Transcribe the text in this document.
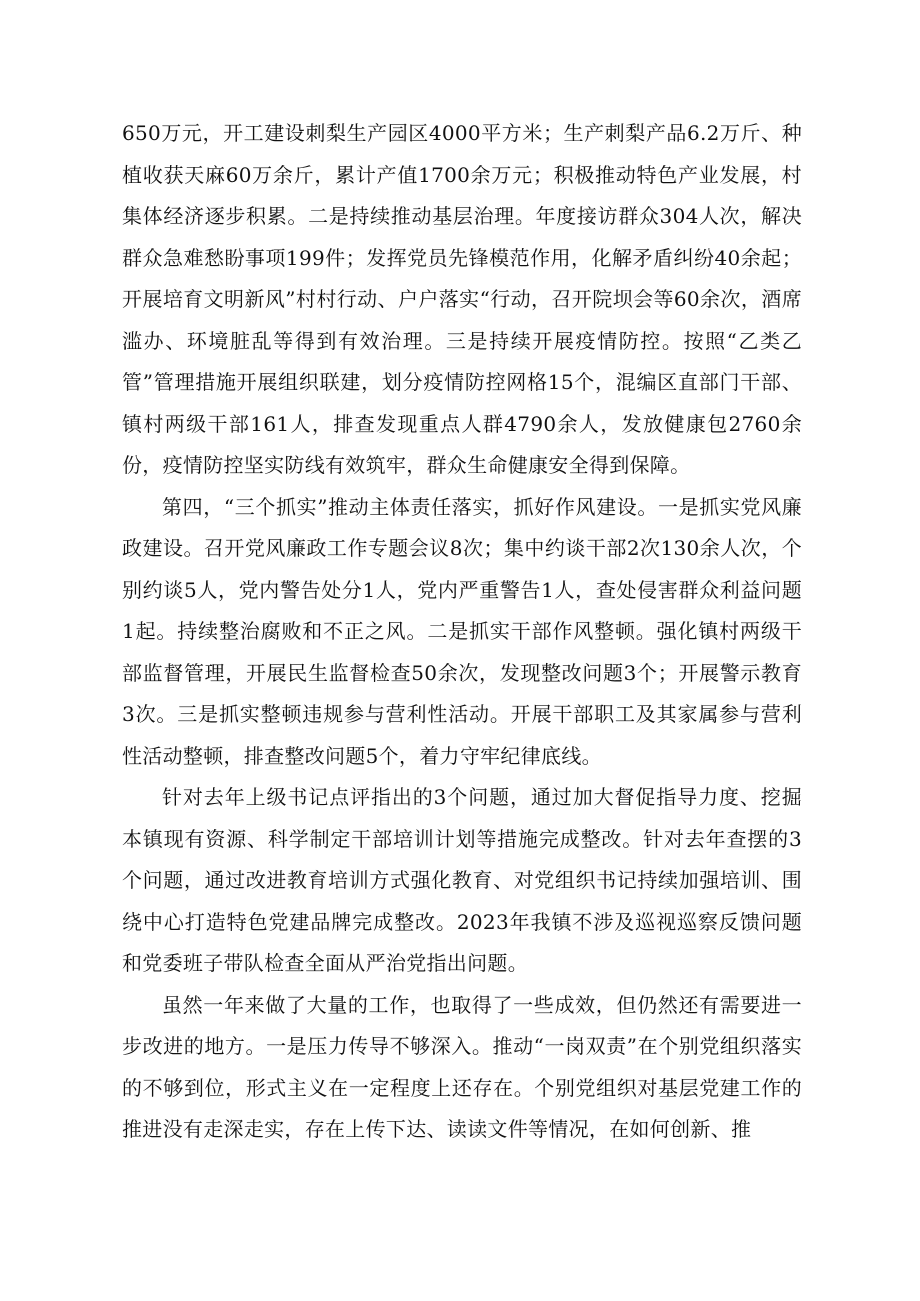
650万元，开工建设刺梨生产园区4000平方米；生产刺梨产品6.2万斤、种植收获天麻60万余斤，累计产值1700余万元；积极推动特色产业发展，村集体经济逐步积累。二是持续推动基层治理。年度接访群众304人次，解决群众急难愁盼事项199件；发挥党员先锋模范作用，化解矛盾纠纷40余起；开展培育文明新风”村村行动、户户落实“行动，召开院坝会等60余次，酒席滥办、环境脏乱等得到有效治理。三是持续开展疫情防控。按照“乙类乙管”管理措施开展组织联建，划分疫情防控网格15个，混编区直部门干部、镇村两级干部161人，排查发现重点人群4790余人，发放健康包2760余份，疫情防控坚实防线有效筑牢，群众生命健康安全得到保障。

第四，“三个抓实”推动主体责任落实，抓好作风建设。一是抓实党风廉政建设。召开党风廉政工作专题会议8次；集中约谈干部2次130余人次，个别约谈5人，党内警告处分1人，党内严重警告1人，查处侵害群众利益问题1起。持续整治腐败和不正之风。二是抓实干部作风整顿。强化镇村两级干部监督管理，开展民生监督检查50余次，发现整改问题3个；开展警示教育3次。三是抓实整顿违规参与营利性活动。开展干部职工及其家属参与营利性活动整顿，排查整改问题5个，着力守牢纪律底线。

针对去年上级书记点评指出的3个问题，通过加大督促指导力度、挖掘本镇现有资源、科学制定干部培训计划等措施完成整改。针对去年查摆的3个问题，通过改进教育培训方式强化教育、对党组织书记持续加强培训、围绕中心打造特色党建品牌完成整改。2023年我镇不涉及巡视巡察反馈问题和党委班子带队检查全面从严治党指出问题。

虽然一年来做了大量的工作，也取得了一些成效，但仍然还有需要进一步改进的地方。一是压力传导不够深入。推动“一岗双责”在个别党组织落实的不够到位，形式主义在一定程度上还存在。个别党组织对基层党建工作的推进没有走深走实，存在上传下达、读读文件等情况，在如何创新、推
